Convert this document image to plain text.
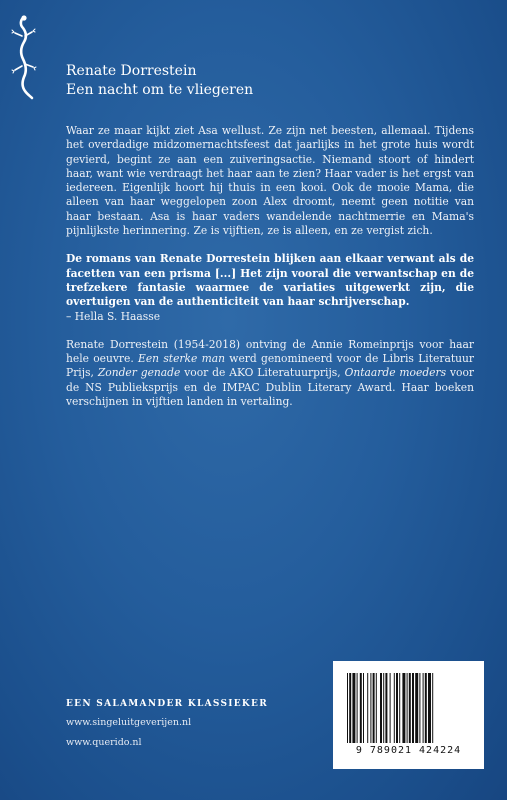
Renate Dorrestein
Een nacht om te vliegeren

Waar ze maar kijkt ziet Asa wellust. Ze zijn net beesten, allemaal. Tijdens het overdadige midzomernachtsfeest dat jaarlijks in het grote huis wordt gevierd, begint ze aan een zuiveringsactie. Niemand stoort of hindert haar, want wie verdraagt het haar aan te zien? Haar vader is het ergst van iedereen. Eigenlijk hoort hij thuis in een kooi. Ook de mooie Mama, die alleen van haar weggelopen zoon Alex droomt, neemt geen notitie van haar bestaan. Asa is haar vaders wandelende nachtmerrie en Mama's pijnlijkste herinnering. Ze is vijftien, ze is alleen, en ze vergist zich.

De romans van Renate Dorrestein blijken aan elkaar verwant als de facetten van een prisma [...] Het zijn vooral die verwantschap en de trefzekere fantasie waarmee de variaties uitgewerkt zijn, die overtuigen van de authenticiteit van haar schrijverschap.

– Hella S. Haasse

Renate Dorrestein (1954-2018) ontving de Annie Romeinprijs voor haar hele oeuvre. Een sterke man werd genomineerd voor de Libris Literatuur Prijs, Zonder genade voor de AKO Literatuurprijs, Ontaarde moeders voor de NS Publieksprijs en de IMPAC Dublin Literary Award. Haar boeken verschijnen in vijftien landen in vertaling.

EEN SALAMANDER KLASSIEKER
www.singeluitgeverijen.nl
www.querido.nl
9 789021 424224
